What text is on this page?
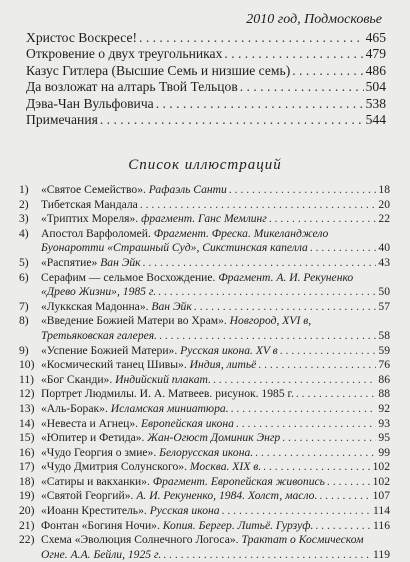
2010 год, Подмосковье
Христос Воскресе! . . .	465
Откровение о двух треугольниках . . .	479
Казус Гитлера (Высшие Семь и низшие семь) . . .	486
Да возложат на алтарь Твой Тельцов . . .	504
Дэва-Чан Вульфовича . . .	538
Примечания . . .	544
Список иллюстраций
1)	«Святое Семейство». Рафаэль Санти . . .	18
2)	Тибетская Мандала . . .	20
3)	«Триптих Мореля». фрагмент. Ганс Мемлинг . . .	22
4)	Апостол Варфоломей. Фрагмент. Фреска. Микеланджело
Буонаротти «Страшный Суд», Сикстинская капелла . . .	40
5)	«Распятие» Ван Эйк . . .	43
6)	Серафим — сельмое Восхождение. Фрагмент. А. И. Рекуненко
«Древо Жизни», 1985 г. . . .	50
7)	«Луккская Мадонна». Ван Эйк . . .	57
8)	«Введение Божией Матери во Храм». Новгород, XVI в,
Третьяковская галерея. . . .	58
9)	«Успение Божией Матери». Русская икона. XV в . . .	59
10) «Космический танец Шивы». Индия, литьё . . .	76
11) «Бог Сканди». Индийский плакат. . . .	86
12) Портрет Людмилы. И. А. Матвеев. рисунок. 1985 г. . . .	88
13) «Аль-Борак». Исламская миниатюра. . . .	92
14) «Невеста и Агнец». Европейская икона . . .	93
15) «Юпитер и Фетида». Жан-Огюст Доминик Энгр . . .	95
16) «Чудо Георгия о змие». Белорусская икона. . . .	99
17) «Чудо Дмитрия Солунского». Москва. XIX в. . . .	102
18) «Сатиры и вакханки». Фрагмент. Европейская живопись . . .	102
19) «Святой Георгий». А. И. Рекуненко, 1984. Холст, масло. . . .	107
20) «Иоанн Креститель». Русская икона . . .	114
21) Фонтан «Богиня Ночи». Копия. Бергер. Литьё. Гурзуф. . . .	116
22) Схема «Эволюция Солнечного Логоса». Трактат о Космическом
Огне. А.А. Бейли, 1925 г. . . .	119
